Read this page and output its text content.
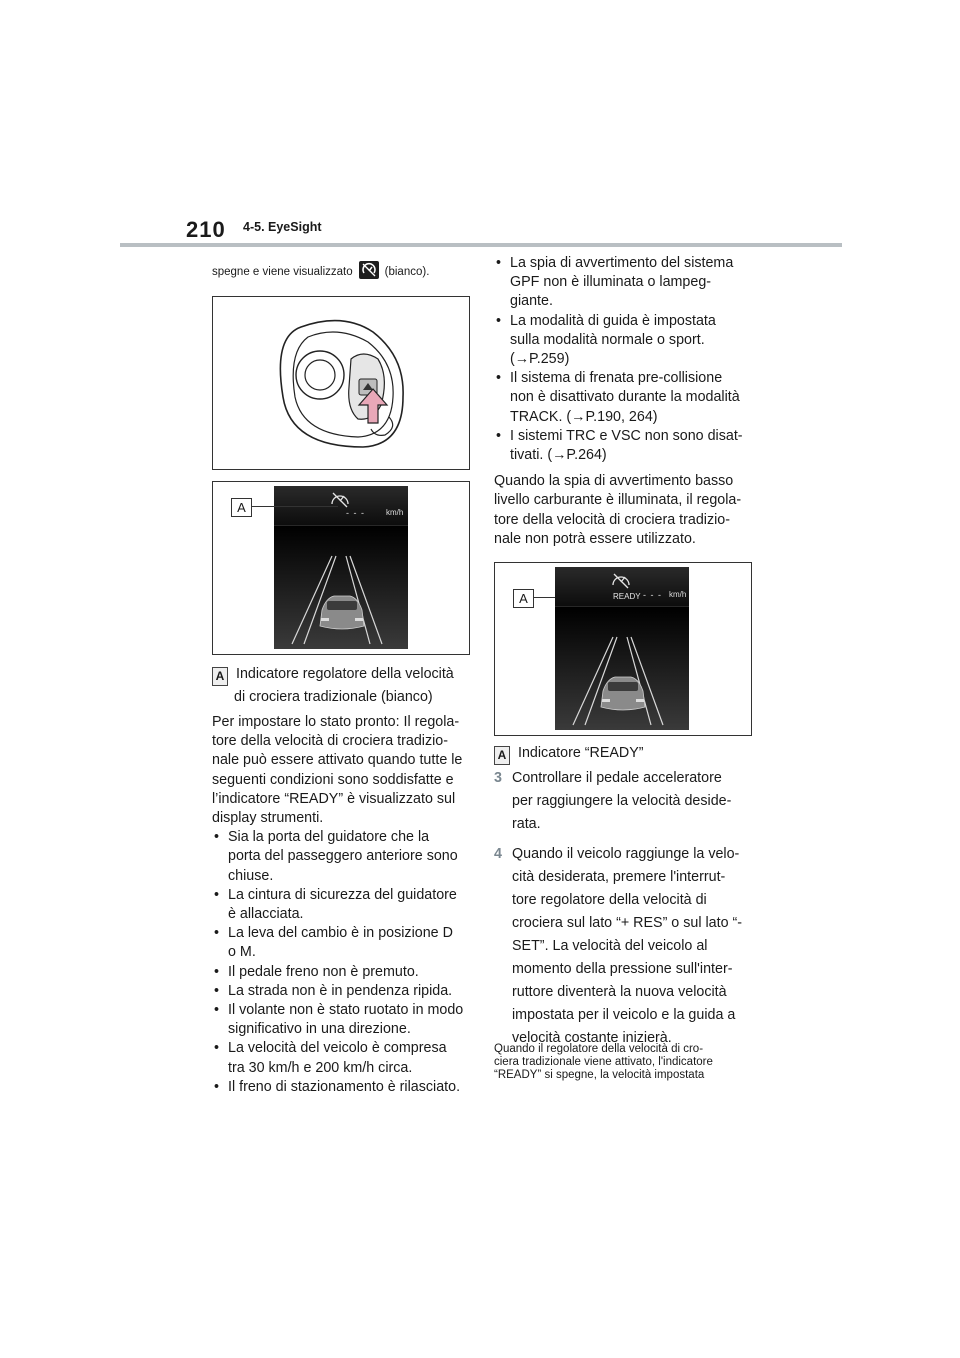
210 4-5. EyeSight
spegne e viene visualizzato	(bianco).
A	- - -	km/h
A Indicatore regolatore della velocità
di crociera tradizionale (bianco)

Per impostare lo stato pronto: Il regola-

tore della velocità di crociera tradizio-

nale può essere attivato quando tutte le

seguenti condizioni sono soddisfatte e

l’indicatore “READY” è visualizzato sul

display strumenti.

• Sia la porta del guidatore che la
porta del passeggero anteriore sono
chiuse.
• La cintura di sicurezza del guidatore
è allacciata.
• La leva del cambio è in posizione D
o M.
• Il pedale freno non è premuto.
• La strada non è in pendenza ripida.
• Il volante non è stato ruotato in modo
significativo in una direzione.
• La velocità del veicolo è compresa
tra 30 km/h e 200 km/h circa.
• Il freno di stazionamento è rilasciato.
• La spia di avvertimento del sistema
GPF non è illuminata o lampeg-
giante.
• La modalità di guida è impostata
sulla modalità normale o sport.
(→P.259)
• Il sistema di frenata pre-collisione
non è disattivato durante la modalità
TRACK. (→P.190, 264)
• I sistemi TRC e VSC non sono disat-
tivati. (→P.264)

Quando la spia di avvertimento basso

livello carburante è illuminata, il regola-

tore della velocità di crociera tradizio-

nale non potrà essere utilizzato.

A	READY - - - km/h
A Indicatore “READY”
3 Controllare il pedale acceleratore
per raggiungere la velocità deside-
rata.
4 Quando il veicolo raggiunge la velo-
cità desiderata, premere l'interrut-
tore regolatore della velocità di
crociera sul lato “+ RES” o sul lato “-
SET”. La velocità del veicolo al
momento della pressione sull'inter-
ruttore diventerà la nuova velocità
impostata per il veicolo e la guida a
velocità costante inizierà.

Quando il regolatore della velocità di cro-

ciera tradizionale viene attivato, l'indicatore

“READY” si spegne, la velocità impostata
